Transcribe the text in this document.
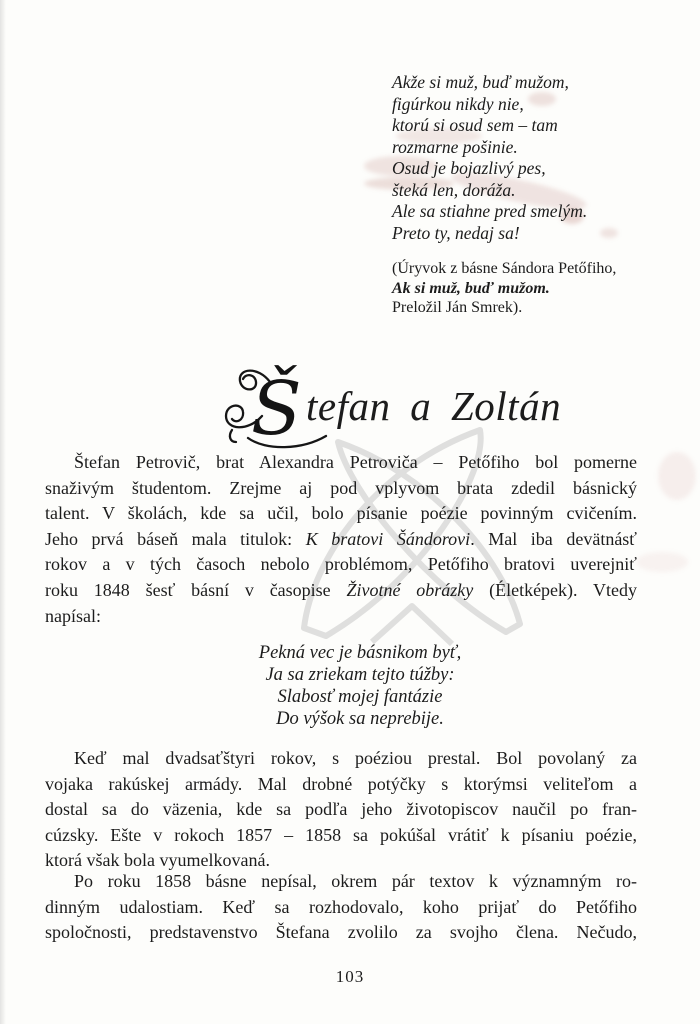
Akže si muž, buď mužom,
figúrkou nikdy nie,
ktorú si osud sem – tam
rozmarne pošinie.
Osud je bojazlivý pes,
šteká len, doráža.
Ale sa stiahne pred smelým.
Preto ty, nedaj sa!
(Úryvok z básne Sándora Petőfiho,
Ak si muž, buď mužom.
Preložil Ján Smrek).
Š tefan a Zoltán
Štefan Petrovič, brat Alexandra Petroviča – Petőfiho bol pomerne
snaživým študentom. Zrejme aj pod vplyvom brata zdedil básnický
talent. V školách, kde sa učil, bolo písanie poézie povinným cvičením.
Jeho prvá báseň mala titulok: K bratovi Šándorovi. Mal iba devätnásť
rokov a v tých časoch nebolo problémom, Petőfiho bratovi uverejniť
roku 1848 šesť básní v časopise Životné obrázky (Életképek). Vtedy
napísal:
Keď mal dvadsaťštyri rokov, s poéziou prestal. Bol povolaný za
vojaka rakúskej armády. Mal drobné potýčky s ktorýmsi veliteľom a
dostal sa do väzenia, kde sa podľa jeho životopiscov naučil po fran-
cúzsky. Ešte v rokoch 1857 – 1858 sa pokúšal vrátiť k písaniu poézie,
ktorá však bola vyumelkovaná.
Po roku 1858 básne nepísal, okrem pár textov k významným ro-
dinným udalostiam. Keď sa rozhodovalo, koho prijať do Petőfiho
spoločnosti, predstavenstvo Štefana zvolilo za svojho člena. Nečudo,
Pekná vec je básnikom byť,
Ja sa zriekam tejto túžby:
Slabosť mojej fantázie
Do výšok sa neprebije.
103
